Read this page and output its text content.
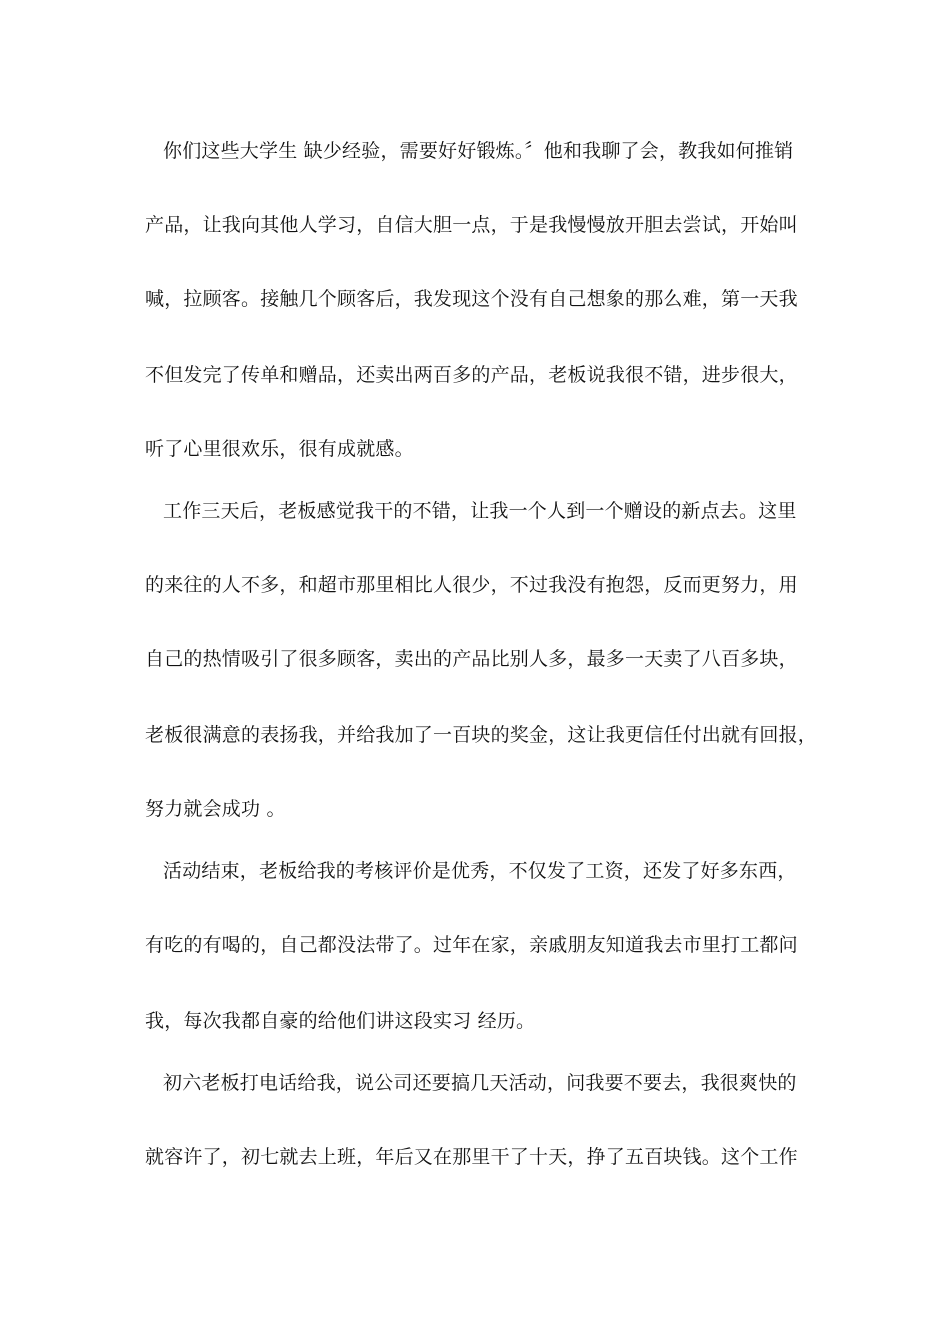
你们这些大学生 缺少经验，需要好好锻炼。〞他和我聊了会，教我如何推销
产品，让我向其他人学习，自信大胆一点，于是我慢慢放开胆去尝试，开始叫
喊，拉顾客。接触几个顾客后，我发现这个没有自己想象的那么难，第一天我
不但发完了传单和赠品，还卖出两百多的产品，老板说我很不错，进步很大，
听了心里很欢乐，很有成就感。
工作三天后，老板感觉我干的不错，让我一个人到一个赠设的新点去。这里
的来往的人不多，和超市那里相比人很少，不过我没有抱怨，反而更努力，用
自己的热情吸引了很多顾客，卖出的产品比别人多，最多一天卖了八百多块，
老板很满意的表扬我，并给我加了一百块的奖金，这让我更信任付出就有回报，
努力就会成功 。
活动结束，老板给我的考核评价是优秀，不仅发了工资，还发了好多东西，
有吃的有喝的，自己都没法带了。过年在家，亲戚朋友知道我去市里打工都问
我，每次我都自豪的给他们讲这段实习 经历。
初六老板打电话给我，说公司还要搞几天活动，问我要不要去，我很爽快的
就容许了，初七就去上班，年后又在那里干了十天，挣了五百块钱。这个工作
